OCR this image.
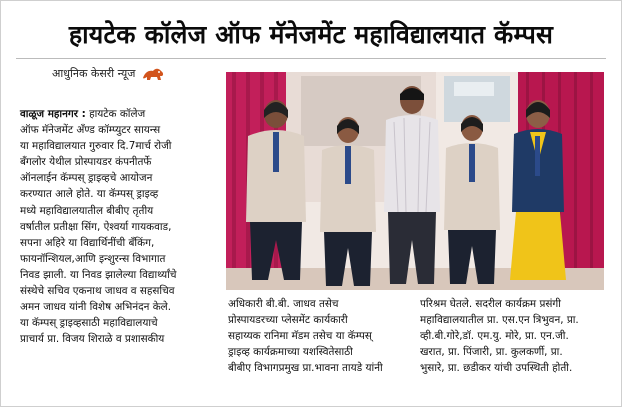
हायटेक कॉलेज ऑफ मॅनेजमेंट महाविद्यालयात कॅम्पस
आधुनिक केसरी न्यूज
वाळूज महानगर : हायटेक कॉलेज
ऑफ मॅनेजमेंट अँण्ड कॉम्प्युटर सायन्स
या महाविद्यालयात गुरुवार दि.7मार्च रोजी
बँगलोर येथील प्रोस्पायडर कंपनीतर्फे
ऑनलाईन कॅम्पस् ड्राइव्हचे आयोजन
करण्यात आले होते. या कॅम्पस् ड्राइव्ह
मध्ये महाविद्यालयातील बीबीए तृतीय
वर्षातील प्रतीक्षा सिंग, ऐश्वर्या गायकवाड,
सपना अहिरे या विद्यार्थिनींची बँकिंग,
फायनॉन्शियल,आणि इन्शुरन्स विभागात
निवड झाली. या निवड झालेल्या विद्यार्थ्यांचे
संस्थेचे सचिव एकनाथ जाधव व सहसचिव
अमन जाधव यांनी विशेष अभिनंदन केले.
या कॅम्पस् ड्राइव्हसाठी महाविद्यालयाचे
प्राचार्य प्रा. विजय शिराळे व प्रशासकीय
अधिकारी बी.बी. जाधव तसेच
प्रोस्पायडरच्या प्लेसमेंट कार्यकारी
सहाय्यक रानिमा मॅडम तसेच या कॅम्पस्
ड्राइव्ह कार्यक्रमाच्या यशस्वितेसाठी
बीबीए विभागप्रमुख प्रा.भावना तायडे यांनी
परिश्रम घेतले. सदरील कार्यक्रम प्रसंगी
महाविद्यालयातील प्रा. एस.एन त्रिभुवन, प्रा.
व्ही.बी.गोरे,डॉ. एम.यु. मोरे, प्रा. एन.जी.
खरात, प्रा. पिंजारी, प्रा. कुलकर्णी, प्रा.
भुसारे, प्रा. छडीकर यांची उपस्थिती होती.
